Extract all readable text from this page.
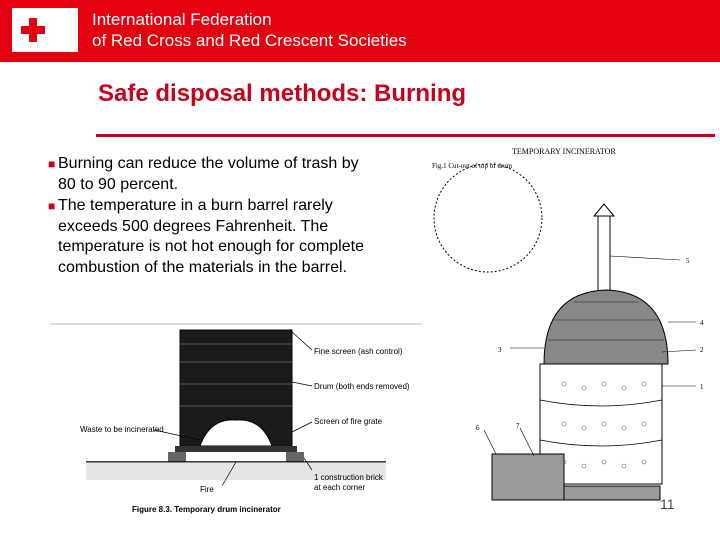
International Federation
of Red Cross and Red Crescent Societies
Safe disposal methods: Burning
■ Burning can reduce the volume of trash by 80 to 90 percent.
■ The temperature in a burn barrel rarely exceeds 500 degrees Fahrenheit. The temperature is not hot enough for complete combustion of the materials in the barrel.
Fine screen (ash control)
Drum (both ends removed)
Screen of fire grate
Waste to be incinerated
Fire
1 construction brick
at each corner
Figure 8.3. Temporary drum incinerator
TEMPORARY INCINERATOR
Fig.1 Cut-out of top of drum
1
2
3
4
5
6	7
11
